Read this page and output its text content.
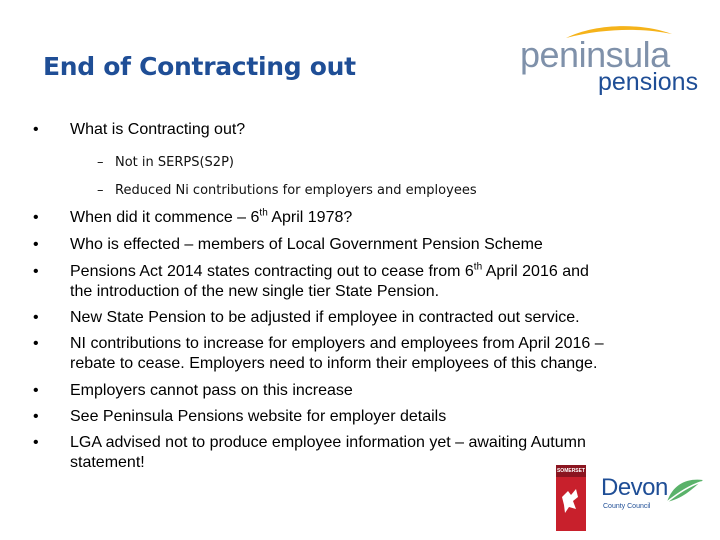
End of Contracting out	peninsula
pensions
• What is Contracting out?
– Not in SERPS(S2P)
– Reduced Ni contributions for employers and employees
• When did it commence – 6th April 1978?
• Who is effected – members of Local Government Pension Scheme
• Pensions Act 2014 states contracting out to cease from 6th April 2016 and
the introduction of the new single tier State Pension.
• New State Pension to be adjusted if employee in contracted out service.
• NI contributions to increase for employers and employees from April 2016 –
rebate to cease. Employers need to inform their employees of this change.
• Employers cannot pass on this increase
• See Peninsula Pensions website for employer details
• LGA advised not to produce employee information yet – awaiting Autumn
statement!	SOMERSET
Devon
County Council
